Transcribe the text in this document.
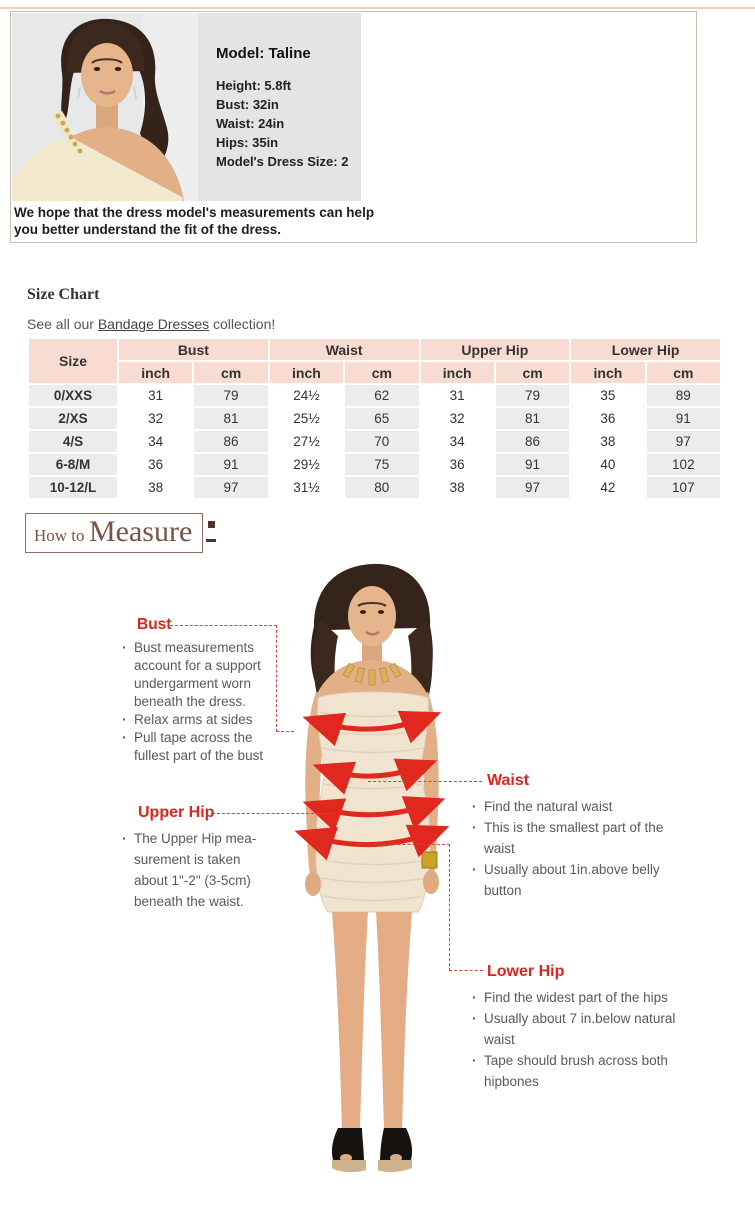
Model: Taline
Height: 5.8ft
Bust: 32in
Waist: 24in
Hips: 35in
Model's Dress Size: 2
We hope that the dress model's measurements can help you better understand the fit of the dress.
Size Chart
See all our Bandage Dresses collection!
Size	Bust		Waist		Upper Hip		Lower Hip	
	inch	cm	inch	cm	inch	cm	inch	cm
0/XXS	31	79	24½	62	31	79	35	89
2/XS	32	81	25½	65	32	81	36	91
4/S	34	86	27½	70	34	86	38	97
6-8/M	36	91	29½	75	36	91	40	102
10-12/L	38	97	31½	80	38	97	42	107
How to Measure
Bust
· Bust measurements account for a support undergarment worn beneath the dress.
· Relax arms at sides
· Pull tape across the fullest part of the bust
Upper Hip
· The Upper Hip mea-surement is taken about 1"-2" (3-5cm) beneath the waist.
Waist
· Find the natural waist
· This is the smallest part of the waist
· Usually about 1in.above belly button
Lower Hip
· Find the widest part of the hips
· Usually about 7 in.below natural waist
· Tape should brush across both hipbones
